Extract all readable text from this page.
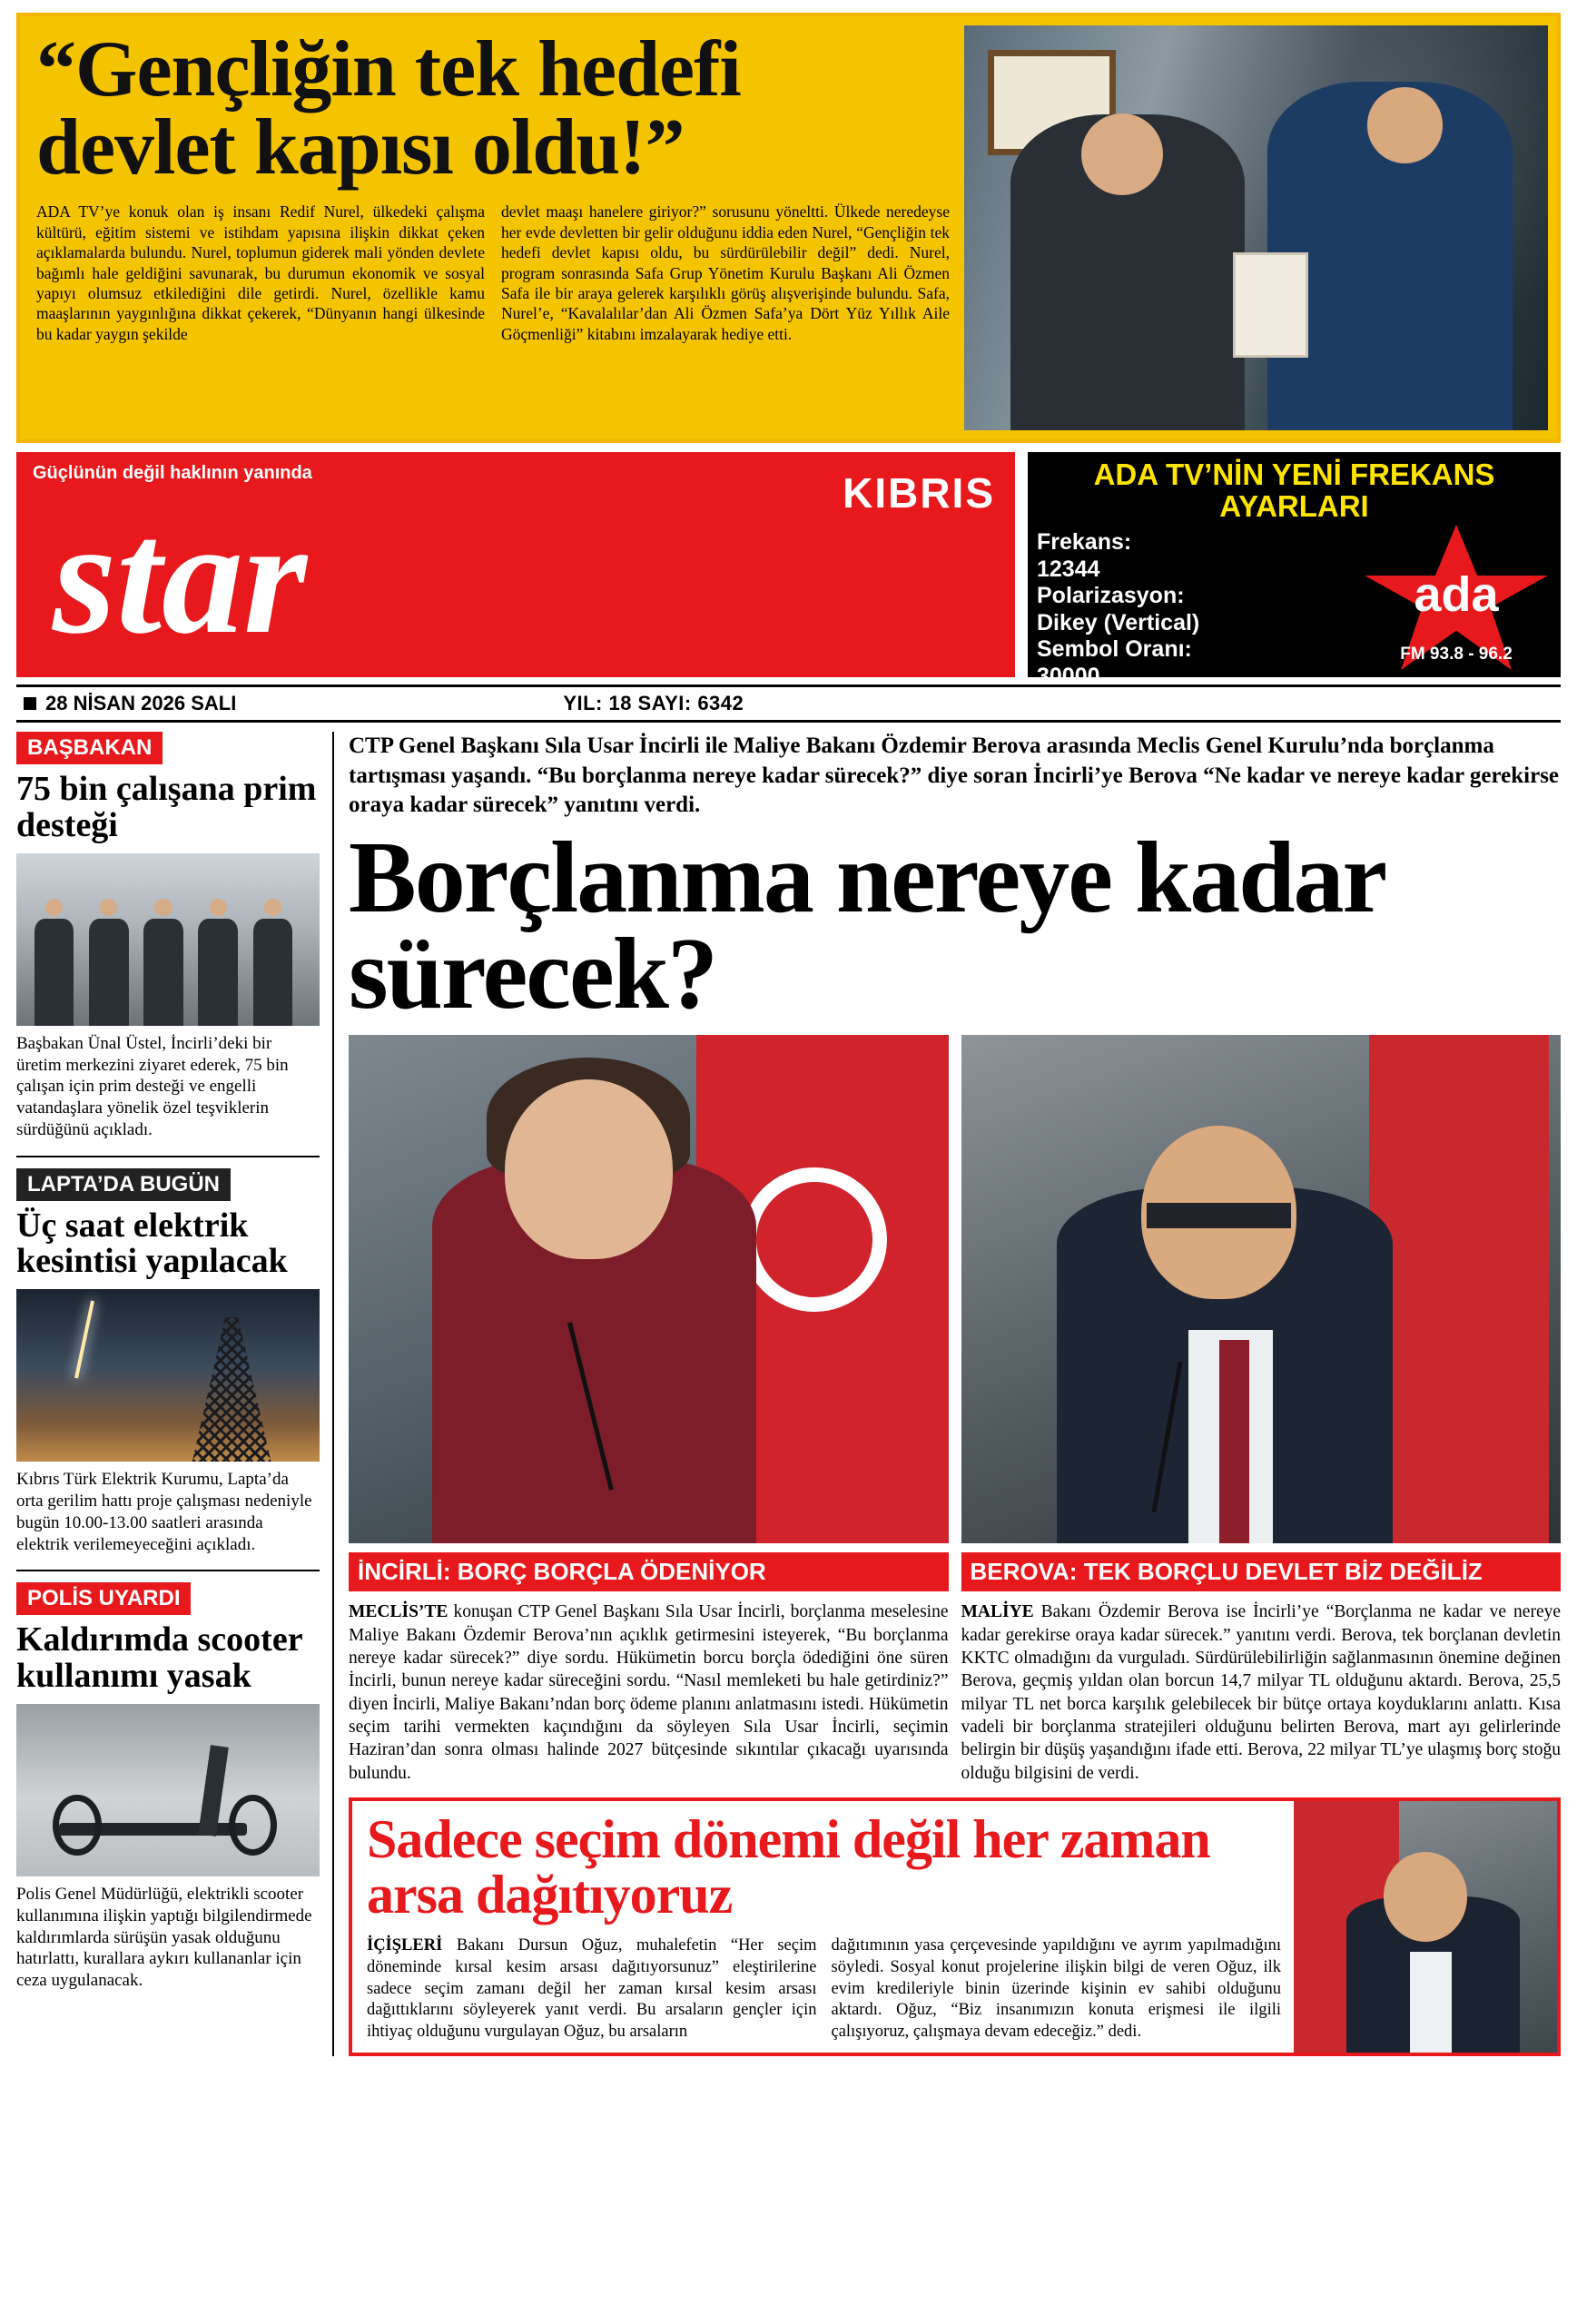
“Gençliğin tek hedefi devlet kapısı oldu!”
ADA TV’ye konuk olan iş insanı Redif Nurel, ülkedeki çalışma kültürü, eğitim sistemi ve istihdam yapısına ilişkin dikkat çeken açıklamalarda bulundu. Nurel, toplumun giderek mali yönden devlete bağımlı hale geldiğini savunarak, bu durumun ekonomik ve sosyal yapıyı olumsuz etkilediğini dile getirdi. Nurel, özellikle kamu maaşlarının yaygınlığına dikkat çekerek, “Dünyanın hangi ülkesinde bu kadar yaygın şekilde
devlet maaşı hanelere giriyor?” sorusunu yöneltti. Ülkede neredeyse her evde devletten bir gelir olduğunu iddia eden Nurel, “Gençliğin tek hedefi devlet kapısı oldu, bu sürdürülebilir değil” dedi. Nurel, program sonrasında Safa Grup Yönetim Kurulu Başkanı Ali Özmen Safa ile bir araya gelerek karşılıklı görüş alışverişinde bulundu. Safa, Nurel’e, “Kavalalılar’dan Ali Özmen Safa’ya Dört Yüz Yıllık Aile Göçmenliği” kitabını imzalayarak hediye etti.
Güçlünün değil haklının yanında	KIBRIS
star
ADA TV’NİN YENİ FREKANS AYARLARI
Frekans:
12344
Polarizasyon:
Dikey (Vertical)
Sembol Oranı:
30000
ada
FM 93.8 - 96.2
28 NİSAN 2026 SALI	YIL: 18 SAYI: 6342
BAŞBAKAN
75 bin çalışana prim desteği
Başbakan Ünal Üstel, İncirli’deki bir üretim merkezini ziyaret ederek, 75 bin çalışan için prim desteği ve engelli vatandaşlara yönelik özel teşviklerin sürdüğünü açıkladı.
LAPTA’DA BUGÜN
Üç saat elektrik kesintisi yapılacak
Kıbrıs Türk Elektrik Kurumu, Lapta’da orta gerilim hattı proje çalışması nedeniyle bugün 10.00-13.00 saatleri arasında elektrik verilemeyeceğini açıkladı.
POLİS UYARDI
Kaldırımda scooter kullanımı yasak
Polis Genel Müdürlüğü, elektrikli scooter kullanımına ilişkin yaptığı bilgilendirmede kaldırımlarda sürüşün yasak olduğunu hatırlattı, kurallara aykırı kullananlar için ceza uygulanacak.
CTP Genel Başkanı Sıla Usar İncirli ile Maliye Bakanı Özdemir Berova arasında Meclis Genel Kurulu’nda borçlanma tartışması yaşandı. “Bu borçlanma nereye kadar sürecek?” diye soran İncirli’ye Berova “Ne kadar ve nereye kadar gerekirse oraya kadar sürecek” yanıtını verdi.
Borçlanma nereye kadar sürecek?
İNCİRLİ: BORÇ BORÇLA ÖDENİYOR	BEROVA: TEK BORÇLU DEVLET BİZ DEĞİLİZ
MECLİS’TE konuşan CTP Genel Başkanı Sıla Usar İncirli, borçlanma meselesine Maliye Bakanı Özdemir Berova’nın açıklık getirmesini isteyerek, “Bu borçlanma nereye kadar sürecek?” diye sordu. Hükümetin borcu borçla ödediğini öne süren İncirli, bunun nereye kadar süreceğini sordu. “Nasıl memleketi bu hale getirdiniz?” diyen İncirli, Maliye Bakanı’ndan borç ödeme planını anlatmasını istedi. Hükümetin seçim tarihi vermekten kaçındığını da söyleyen Sıla Usar İncirli, seçimin Haziran’dan sonra olması halinde 2027 bütçesinde sıkıntılar çıkacağı uyarısında bulundu.
MALİYE Bakanı Özdemir Berova ise İncirli’ye “Borçlanma ne kadar ve nereye kadar gerekirse oraya kadar sürecek.” yanıtını verdi. Berova, tek borçlanan devletin KKTC olmadığını da vurguladı. Sürdürülebilirliğin sağlanmasının önemine değinen Berova, geçmiş yıldan olan borcun 14,7 milyar TL olduğunu aktardı. Berova, 25,5 milyar TL net borca karşılık gelebilecek bir bütçe ortaya koyduklarını anlattı. Kısa vadeli bir borçlanma stratejileri olduğunu belirten Berova, mart ayı gelirlerinde belirgin bir düşüş yaşandığını ifade etti. Berova, 22 milyar TL’ye ulaşmış borç stoğu olduğu bilgisini de verdi.
Sadece seçim dönemi değil her zaman arsa dağıtıyoruz
İÇİŞLERİ Bakanı Dursun Oğuz, muhalefetin “Her seçim döneminde kırsal kesim arsası dağıtıyorsunuz” eleştirilerine sadece seçim zamanı değil her zaman kırsal kesim arsası dağıttıklarını söyleyerek yanıt verdi. Bu arsaların gençler için ihtiyaç olduğunu vurgulayan Oğuz, bu arsaların
dağıtımının yasa çerçevesinde yapıldığını ve ayrım yapılmadığını söyledi. Sosyal konut projelerine ilişkin bilgi de veren Oğuz, ilk evim kredileriyle binin üzerinde kişinin ev sahibi olduğunu aktardı. Oğuz, “Biz insanımızın konuta erişmesi ile ilgili çalışıyoruz, çalışmaya devam edeceğiz.” dedi.
